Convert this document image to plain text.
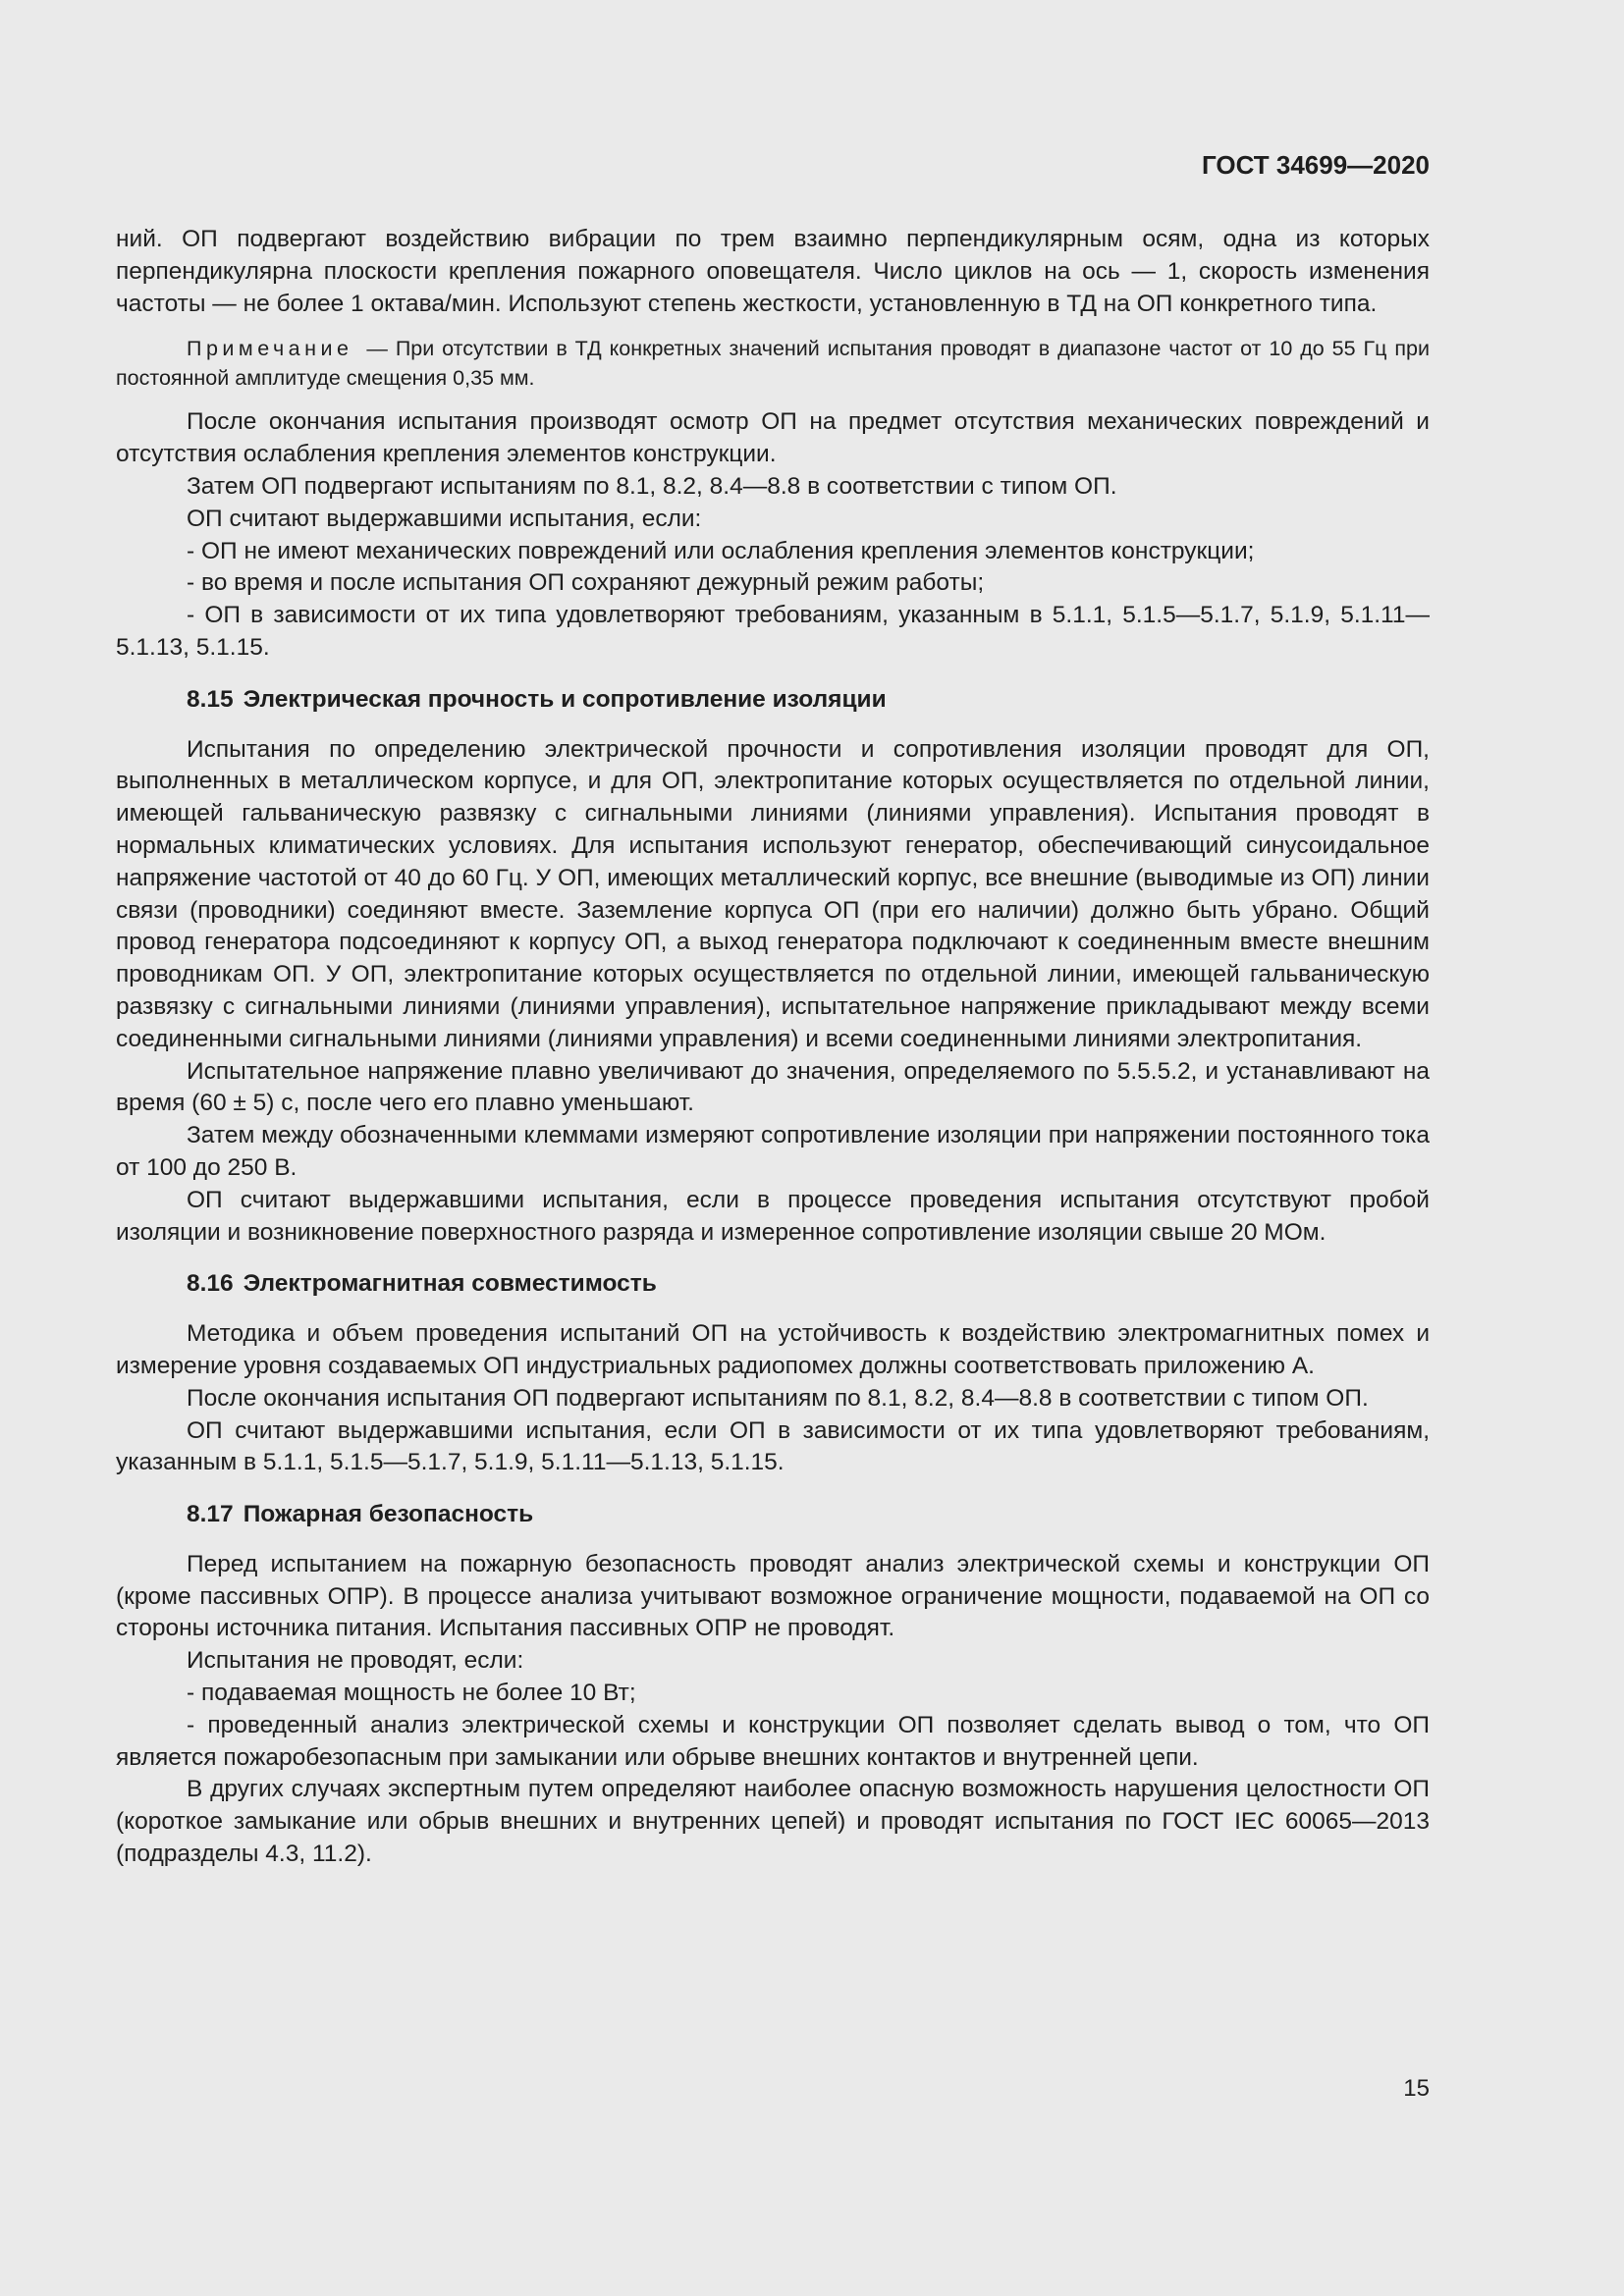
ГОСТ 34699—2020

ний. ОП подвергают воздействию вибрации по трем взаимно перпендикулярным осям, одна из которых перпендикулярна плоскости крепления пожарного оповещателя. Число циклов на ось — 1, скорость изменения частоты — не более 1 октава/мин. Используют степень жесткости, установленную в ТД на ОП конкретного типа.

Примечание — При отсутствии в ТД конкретных значений испытания проводят в диапазоне частот от 10 до 55 Гц при постоянной амплитуде смещения 0,35 мм.

После окончания испытания производят осмотр ОП на предмет отсутствия механических повреждений и отсутствия ослабления крепления элементов конструкции.

Затем ОП подвергают испытаниям по 8.1, 8.2, 8.4—8.8 в соответствии с типом ОП.

ОП считают выдержавшими испытания, если:

- ОП не имеют механических повреждений или ослабления крепления элементов конструкции;

- во время и после испытания ОП сохраняют дежурный режим работы;

- ОП в зависимости от их типа удовлетворяют требованиям, указанным в 5.1.1, 5.1.5—5.1.7, 5.1.9, 5.1.11—5.1.13, 5.1.15.

8.15 Электрическая прочность и сопротивление изоляции

Испытания по определению электрической прочности и сопротивления изоляции проводят для ОП, выполненных в металлическом корпусе, и для ОП, электропитание которых осуществляется по отдельной линии, имеющей гальваническую развязку с сигнальными линиями (линиями управления). Испытания проводят в нормальных климатических условиях. Для испытания используют генератор, обеспечивающий синусоидальное напряжение частотой от 40 до 60 Гц. У ОП, имеющих металлический корпус, все внешние (выводимые из ОП) линии связи (проводники) соединяют вместе. Заземление корпуса ОП (при его наличии) должно быть убрано. Общий провод генератора подсоединяют к корпусу ОП, а выход генератора подключают к соединенным вместе внешним проводникам ОП. У ОП, электропитание которых осуществляется по отдельной линии, имеющей гальваническую развязку с сигнальными линиями (линиями управления), испытательное напряжение прикладывают между всеми соединенными сигнальными линиями (линиями управления) и всеми соединенными линиями электропитания.

Испытательное напряжение плавно увеличивают до значения, определяемого по 5.5.5.2, и устанавливают на время (60 ± 5) с, после чего его плавно уменьшают.

Затем между обозначенными клеммами измеряют сопротивление изоляции при напряжении постоянного тока от 100 до 250 В.

ОП считают выдержавшими испытания, если в процессе проведения испытания отсутствуют пробой изоляции и возникновение поверхностного разряда и измеренное сопротивление изоляции свыше 20 МОм.

8.16 Электромагнитная совместимость

Методика и объем проведения испытаний ОП на устойчивость к воздействию электромагнитных помех и измерение уровня создаваемых ОП индустриальных радиопомех должны соответствовать приложению А.

После окончания испытания ОП подвергают испытаниям по 8.1, 8.2, 8.4—8.8 в соответствии с типом ОП.

ОП считают выдержавшими испытания, если ОП в зависимости от их типа удовлетворяют требованиям, указанным в 5.1.1, 5.1.5—5.1.7, 5.1.9, 5.1.11—5.1.13, 5.1.15.

8.17 Пожарная безопасность

Перед испытанием на пожарную безопасность проводят анализ электрической схемы и конструкции ОП (кроме пассивных ОПР). В процессе анализа учитывают возможное ограничение мощности, подаваемой на ОП со стороны источника питания. Испытания пассивных ОПР не проводят.

Испытания не проводят, если:

- подаваемая мощность не более 10 Вт;

- проведенный анализ электрической схемы и конструкции ОП позволяет сделать вывод о том, что ОП является пожаробезопасным при замыкании или обрыве внешних контактов и внутренней цепи.

В других случаях экспертным путем определяют наиболее опасную возможность нарушения целостности ОП (короткое замыкание или обрыв внешних и внутренних цепей) и проводят испытания по ГОСТ IEC 60065—2013 (подразделы 4.3, 11.2).

15
